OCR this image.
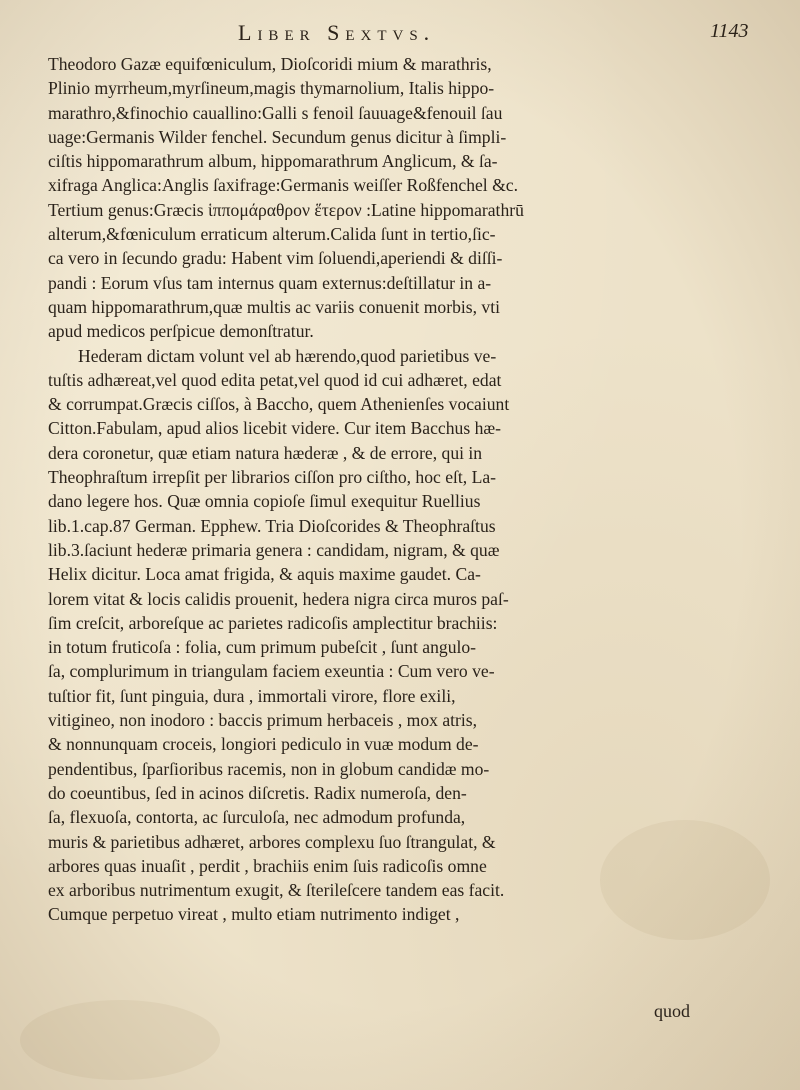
Liber Sextvs.	1143
Theodoro Gazæ equifœniculum, Dioſcoridi mium & marathris,
Plinio myrrheum,myrſineum,magis thymarnolium, Italis hippo-
marathro,&finochio cauallino:Galli s fenoil ſauuage&fenouil ſau
uage:Germanis Wilder fenchel. Secundum genus dicitur à ſimpli-
ciſtis hippomarathrum album, hippomarathrum Anglicum, & ſa-
xifraga Anglica:Anglis ſaxifrage:Germanis weiſſer Roßfenchel &c.
Tertium genus:Græcis ἱππομάραθρον ἕτερον :Latine hippomarathrū
alterum,&fœniculum erraticum alterum.Calida ſunt in tertio,ſic-
ca vero in ſecundo gradu: Habent vim ſoluendi,aperiendi & diſſi-
pandi : Eorum vſus tam internus quam externus:deſtillatur in a-
quam hippomarathrum,quæ multis ac variis conuenit morbis, vti
apud medicos perſpicue demonſtratur.
Hederam dictam volunt vel ab hærendo,quod parietibus ve-
tuſtis adhæreat,vel quod edita petat,vel quod id cui adhæret, edat
& corrumpat.Græcis ciſſos, à Baccho, quem Athenienſes vocaiunt
Citton.Fabulam, apud alios licebit videre. Cur item Bacchus hæ-
dera coronetur, quæ etiam natura hæderæ , & de errore, qui in
Theophraſtum irrepſit per librarios ciſſon pro ciſtho, hoc eſt, La-
dano legere hos. Quæ omnia copioſe ſimul exequitur Ruellius
lib.1.cap.87 German. Epphew. Tria Dioſcorides & Theophraſtus
lib.3.ſaciunt hederæ primaria genera : candidam, nigram, & quæ
Helix dicitur. Loca amat frigida, & aquis maxime gaudet. Ca-
lorem vitat & locis calidis prouenit, hedera nigra circa muros paſ-
ſim creſcit, arboreſque ac parietes radicoſis amplectitur brachiis:
in totum fruticoſa : folia, cum primum pubeſcit , ſunt angulo-
ſa, complurimum in triangulam faciem exeuntia : Cum vero ve-
tuſtior fit, ſunt pinguia, dura , immortali virore, flore exili,
vitigineo, non inodoro : baccis primum herbaceis , mox atris,
& nonnunquam croceis, longiori pediculo in vuæ modum de-
pendentibus, ſparſioribus racemis, non in globum candidæ mo-
do coeuntibus, ſed in acinos diſcretis. Radix numeroſa, den-
ſa, flexuoſa, contorta, ac ſurculoſa, nec admodum profunda,
muris & parietibus adhæret, arbores complexu ſuo ſtrangulat, &
arbores quas inuaſit , perdit , brachiis enim ſuis radicoſis omne
ex arboribus nutrimentum exugit, & ſterileſcere tandem eas facit.
Cumque perpetuo vireat , multo etiam nutrimento indiget ,
quod
